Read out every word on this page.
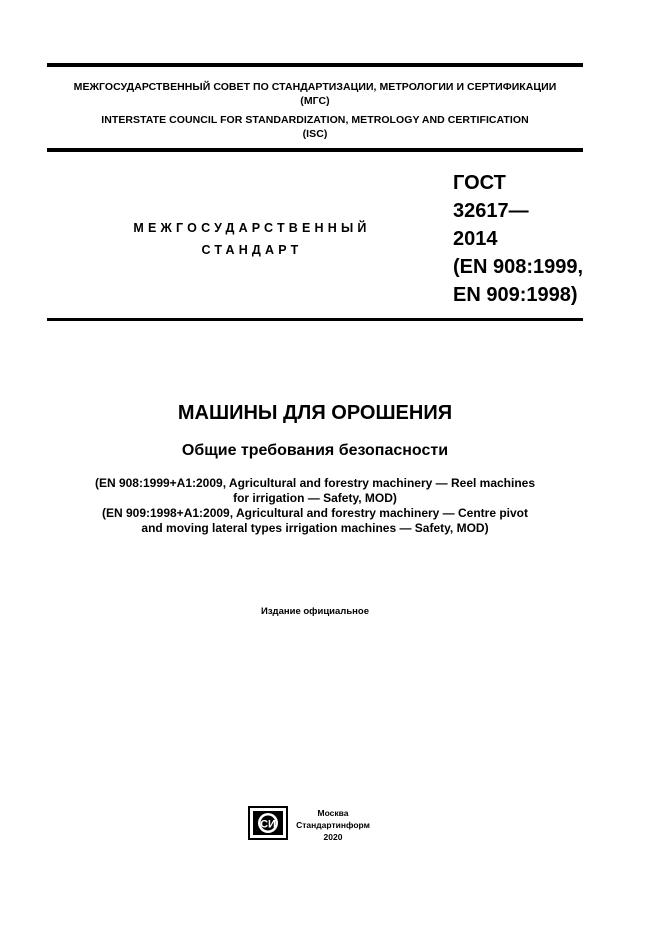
МЕЖГОСУДАРСТВЕННЫЙ СОВЕТ ПО СТАНДАРТИЗАЦИИ, МЕТРОЛОГИИ И СЕРТИФИКАЦИИ
(МГС)
INTERSTATE COUNCIL FOR STANDARDIZATION, METROLOGY AND CERTIFICATION
(ISC)
МЕЖГОСУДАРСТВЕННЫЙ
СТАНДАРТ
ГОСТ
32617—
2014
(EN 908:1999,
EN 909:1998)
МАШИНЫ ДЛЯ ОРОШЕНИЯ
Общие требования безопасности
(EN 908:1999+A1:2009, Agricultural and forestry machinery — Reel machines
for irrigation — Safety, MOD)
(EN 909:1998+A1:2009, Agricultural and forestry machinery — Centre pivot
and moving lateral types irrigation machines — Safety, MOD)
Издание официальное
СИ
Москва
Стандартинформ
2020
